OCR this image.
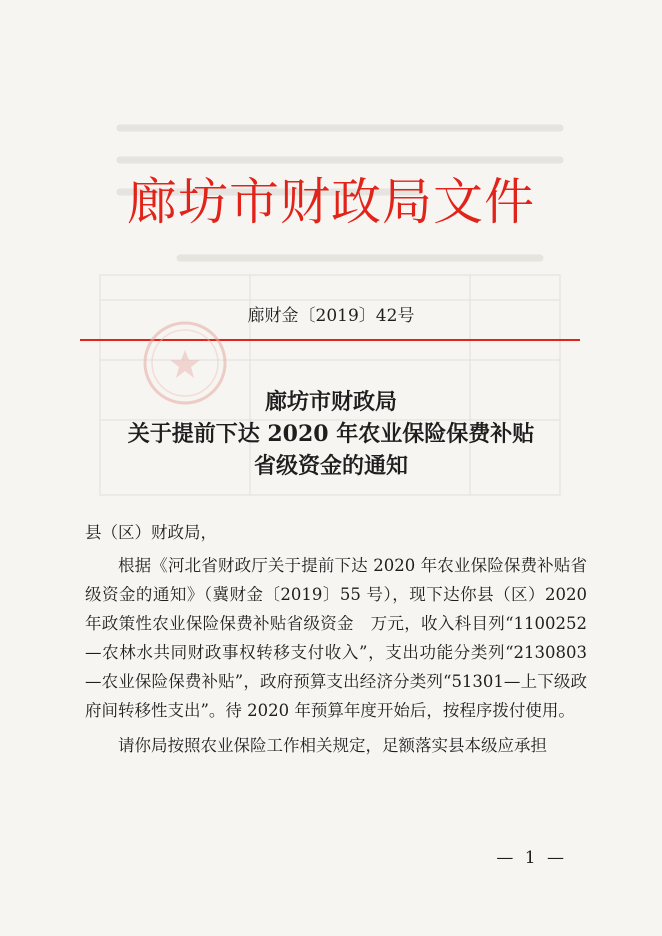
廊坊市财政局文件
廊财金〔2019〕42号
廊坊市财政局
关于提前下达 2020 年农业保险保费补贴
省级资金的通知

县（区）财政局，

根据《河北省财政厅关于提前下达 2020 年农业保险保费补贴省级资金的通知》（冀财金〔2019〕55 号），现下达你县（区）2020 年政策性农业保险保费补贴省级资金　万元，收入科目列“1100252—农林水共同财政事权转移支付收入”，支出功能分类列“2130803—农业保险保费补贴”，政府预算支出经济分类列“51301—上下级政府间转移性支出”。待 2020 年预算年度开始后，按程序拨付使用。

请你局按照农业保险工作相关规定，足额落实县本级应承担

— 1 —
